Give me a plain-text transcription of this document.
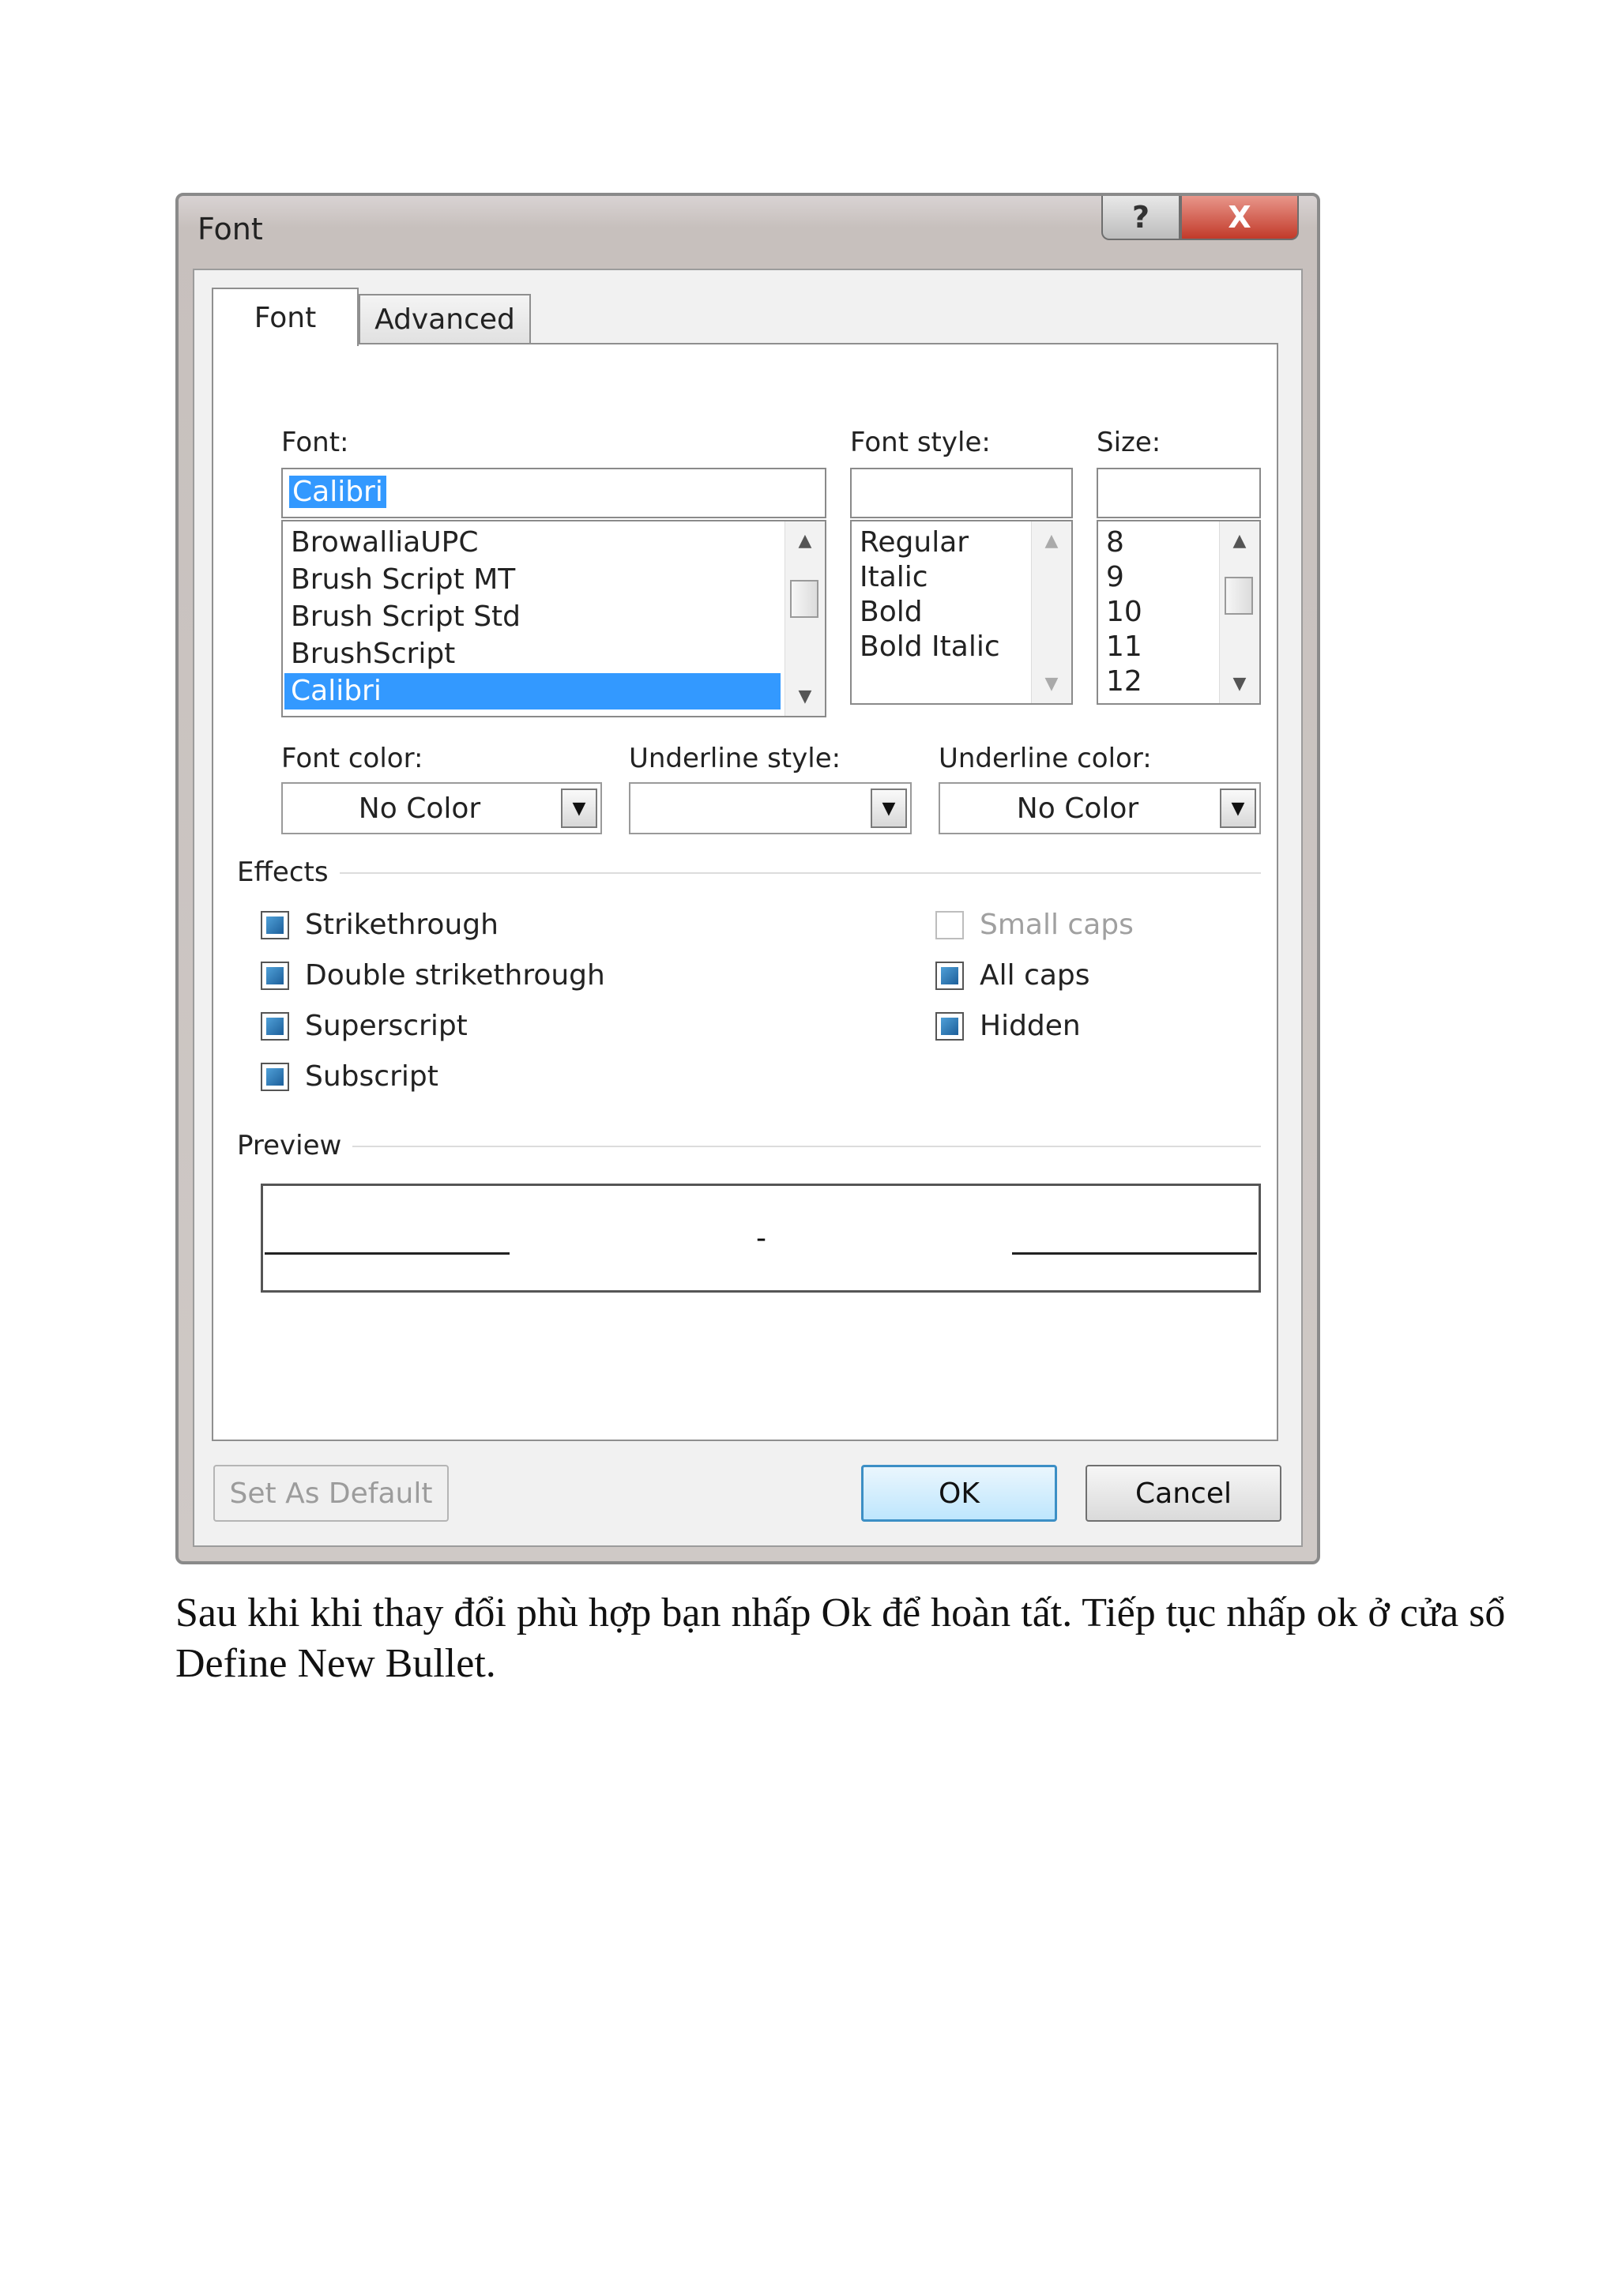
Font	?	X
Font Advanced
Font:
Calibri
BrowalliaUPC
Brush Script MT
Brush Script Std
BrushScript
Calibri
▲
▼
Font style:
Regular
Italic
Bold
Bold Italic
▲
▼
Size:
8
9
10
11
12
▲
▼
Font color:
No Color	▼
Underline style:
▼
Underline color:
No Color	▼
Effects
Strikethrough
Double strikethrough
Superscript
Subscript
Small caps
All caps
Hidden
Preview
-
Set As Default	OK	Cancel
Sau khi khi thay đổi phù hợp bạn nhấp Ok để hoàn tất. Tiếp tục nhấp ok ở cửa sổ Define New Bullet.
